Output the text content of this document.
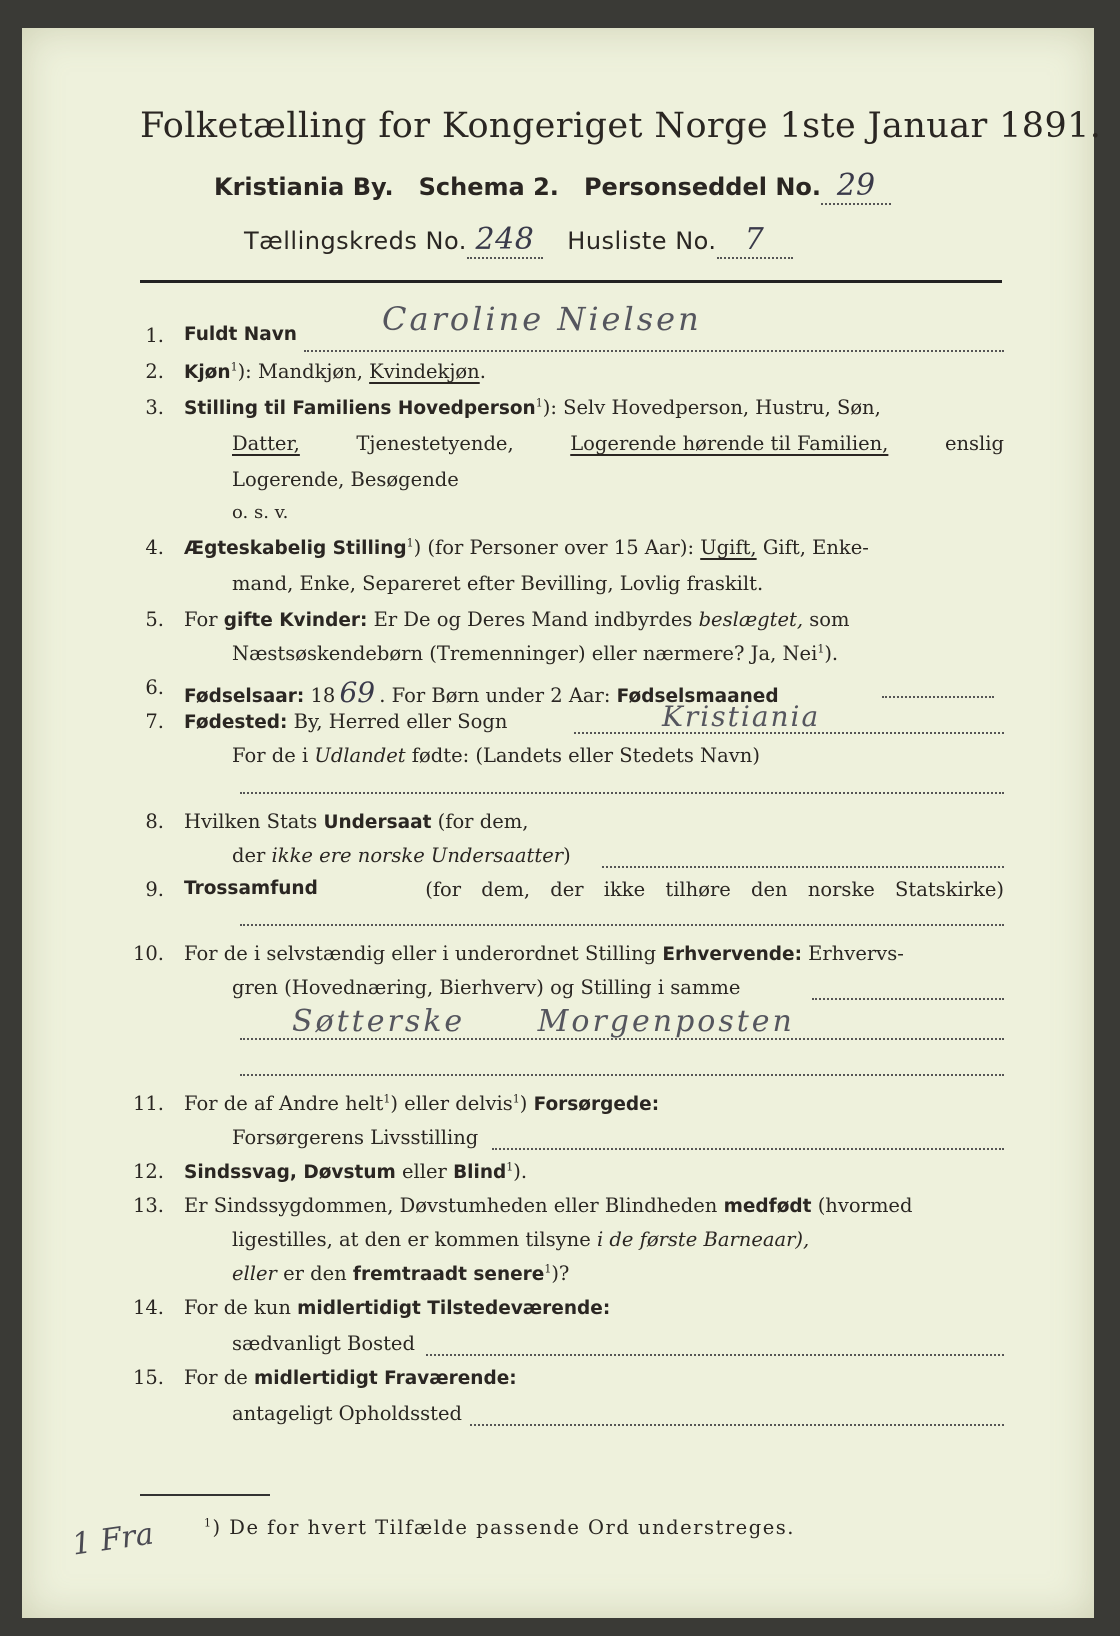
Folketælling for Kongeriget Norge 1ste Januar 1891.
Kristiania By. Schema 2. Personseddel No. 29
Tællingskreds No. 248 Husliste No. 7
1. Fuldt Navn	Caroline Nielsen
2. Kjøn$^1$): Mandkjøn, Kvindekjøn.
3. Stilling til Familiens Hovedperson$^1$): Selv Hovedperson, Hustru, Søn,
Datter,	Tjenestetyende,	Logerende hørende til Familien,	enslig
Logerende, Besøgende
o. s. v.
4. Ægteskabelig Stilling$^1$) (for Personer over 15 Aar): Ugift, Gift, Enke-
mand, Enke, Separeret efter Bevilling, Lovlig fraskilt.
5. For gifte Kvinder: Er De og Deres Mand indbyrdes beslægtet, som
Næstsøskendebørn (Tremenninger) eller nærmere? Ja, Nei$^1$).
6. Fødselsaar: 18 69 . For Børn under 2 Aar: Fødselsmaaned
7. Fødested: By, Herred eller Sogn	Kristiania
For de i Udlandet fødte: (Landets eller Stedets Navn)
8. Hvilken Stats Undersaat (for dem,
der ikke ere norske Undersaatter)
9. Trossamfund	(for dem, der ikke tilhøre den norske Statskirke)
10. For de i selvstændig eller i underordnet Stilling Erhvervende: Erhvervs-
gren (Hovednæring, Bierhverv) og Stilling i samme
Søtterske Morgenposten
11. For de af Andre helt$^1$) eller delvis$^1$) Forsørgede:
Forsørgerens Livsstilling
12. Sindssvag, Døvstum eller Blind$^1$).
13. Er Sindssygdommen, Døvstumheden eller Blindheden medfødt (hvormed
ligestilles, at den er kommen tilsyne i de første Barneaar),
eller er den fremtraadt senere$^1$)?
14. For de kun midlertidigt Tilstedeværende:
sædvanligt Bosted
15. For de midlertidigt Fraværende:
antageligt Opholdssted
$^1$) De for hvert Tilfælde passende Ord understreges.
1 Fra
